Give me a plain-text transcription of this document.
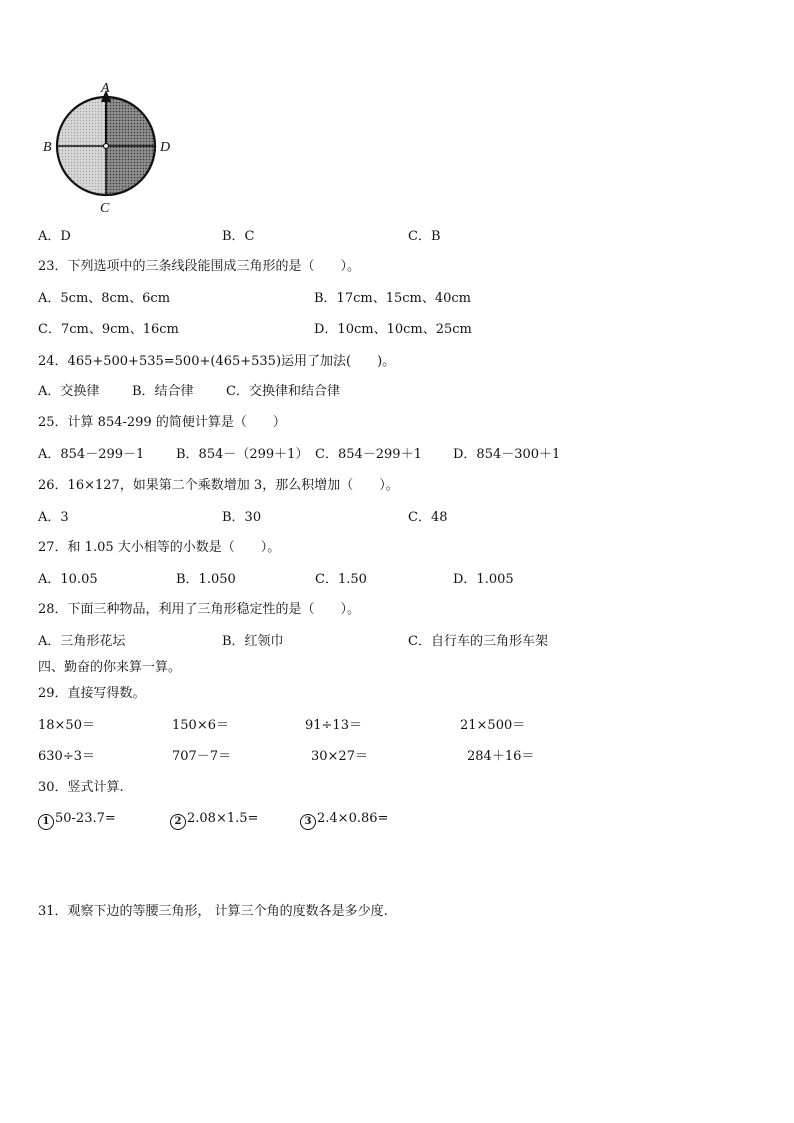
A
B	D
C
A．D	B．C	C．B
23．下列选项中的三条线段能围成三角形的是（　　）。
A．5cm、8cm、6cm	B．17cm、15cm、40cm
C．7cm、9cm、16cm	D．10cm、10cm、25cm
24．465+500+535=500+(465+535)运用了加法(　　)。
A．交换律	B．结合律 C．交换律和结合律
25．计算 854-299 的简便计算是（　　）
A．854－299－1 B．854－（299＋1） C．854－299＋1 D．854－300＋1
26．16×127，如果第二个乘数增加 3，那么积增加（　　）。
A．3	B．30	C．48
27．和 1.05 大小相等的小数是（　　）。
A．10.05	B．1.050	C．1.50	D．1.005
28．下面三种物品，利用了三角形稳定性的是（　　）。
A．三角形花坛	B．红领巾	C．自行车的三角形车架
四、勤奋的你来算一算。
29．直接写得数。
18×50＝	150×6＝	91÷13＝	21×500＝
630÷3＝	707－7＝	30×27＝	284＋16＝
30．竖式计算.
1 50-23.7=	2 2.08×1.5=	3 2.4×0.86=
31．观察下边的等腰三角形， 计算三个角的度数各是多少度.
